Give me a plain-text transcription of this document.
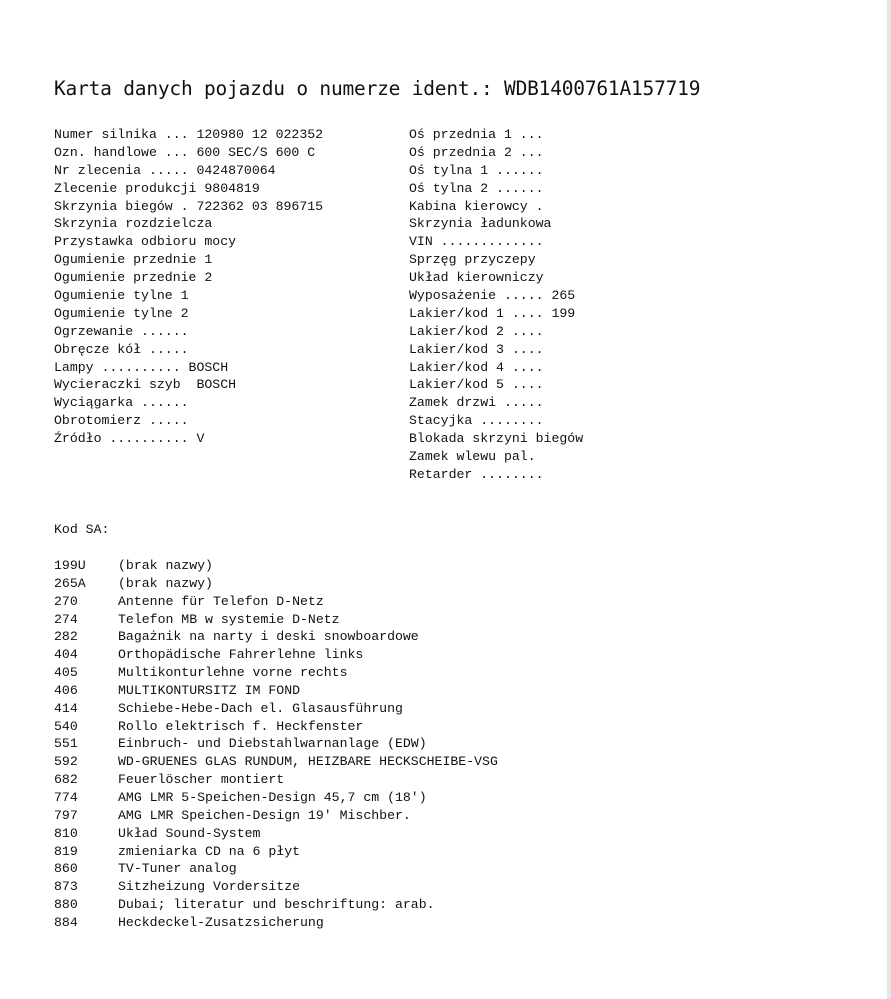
Karta danych pojazdu o numerze ident.: WDB1400761A157719
Numer silnika ... 120980 12 022352
Ozn. handlowe ... 600 SEC/S 600 C
Nr zlecenia ..... 0424870064
Zlecenie produkcji 9804819
Skrzynia biegów . 722362 03 896715
Skrzynia rozdzielcza
Przystawka odbioru mocy
Ogumienie przednie 1
Ogumienie przednie 2
Ogumienie tylne 1
Ogumienie tylne 2
Ogrzewanie ......
Obręcze kół .....
Lampy .......... BOSCH
Wycieraczki szyb  BOSCH
Wyciągarka ......
Obrotomierz .....
Źródło .......... V
Oś przednia 1 ...
Oś przednia 2 ...
Oś tylna 1 ......
Oś tylna 2 ......
Kabina kierowcy .
Skrzynia ładunkowa
VIN .............
Sprzęg przyczepy
Układ kierowniczy
Wyposażenie ..... 265
Lakier/kod 1 .... 199
Lakier/kod 2 ....
Lakier/kod 3 ....
Lakier/kod 4 ....
Lakier/kod 5 ....
Zamek drzwi .....
Stacyjka ........
Blokada skrzyni biegów
Zamek wlewu pal.
Retarder ........
Kod SA:
199U (brak nazwy)
265A (brak nazwy)
270	Antenne für Telefon D-Netz
274	Telefon MB w systemie D-Netz
282	Bagażnik na narty i deski snowboardowe
404	Orthopädische Fahrerlehne links
405	Multikonturlehne vorne rechts
406	MULTIKONTURSITZ IM FOND
414	Schiebe-Hebe-Dach el. Glasausführung
540	Rollo elektrisch f. Heckfenster
551	Einbruch- und Diebstahlwarnanlage (EDW)
592	WD-GRUENES GLAS RUNDUM, HEIZBARE HECKSCHEIBE-VSG
682	Feuerlöscher montiert
774	AMG LMR 5-Speichen-Design 45,7 cm (18')
797	AMG LMR Speichen-Design 19' Mischber.
810	Układ Sound-System
819	zmieniarka CD na 6 płyt
860	TV-Tuner analog
873	Sitzheizung Vordersitze
880	Dubai; literatur und beschriftung: arab.
884	Heckdeckel-Zusatzsicherung
